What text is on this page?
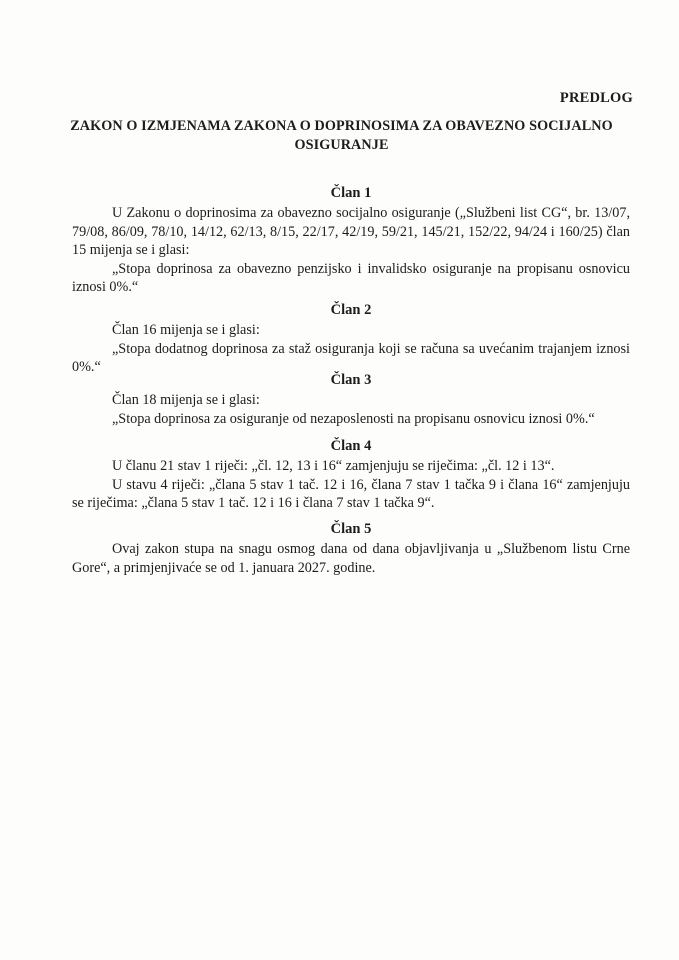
PREDLOG
ZAKON O IZMJENAMA ZAKONA O DOPRINOSIMA ZA OBAVEZNO SOCIJALNO OSIGURANJE
Član 1

U Zakonu o doprinosima za obavezno socijalno osiguranje („Službeni list CG“, br. 13/07, 79/08, 86/09, 78/10, 14/12, 62/13, 8/15, 22/17, 42/19, 59/21, 145/21, 152/22, 94/24 i 160/25) član 15 mijenja se i glasi:

„Stopa doprinosa za obavezno penzijsko i invalidsko osiguranje na propisanu osnovicu iznosi 0%.“

Član 2

Član 16 mijenja se i glasi:

„Stopa dodatnog doprinosa za staž osiguranja koji se računa sa uvećanim trajanjem iznosi 0%.“

Član 3

Član 18 mijenja se i glasi:

„Stopa doprinosa za osiguranje od nezaposlenosti na propisanu osnovicu iznosi 0%.“

Član 4

U članu 21 stav 1 riječi: „čl. 12, 13 i 16“ zamjenjuju se riječima: „čl. 12 i 13“.

U stavu 4 riječi: „člana 5 stav 1 tač. 12 i 16, člana 7 stav 1 tačka 9 i člana 16“ zamjenjuju se riječima: „člana 5 stav 1 tač. 12 i 16 i člana 7 stav 1 tačka 9“.

Član 5

Ovaj zakon stupa na snagu osmog dana od dana objavljivanja u „Službenom listu Crne Gore“, a primjenjivaće se od 1. januara 2027. godine.
